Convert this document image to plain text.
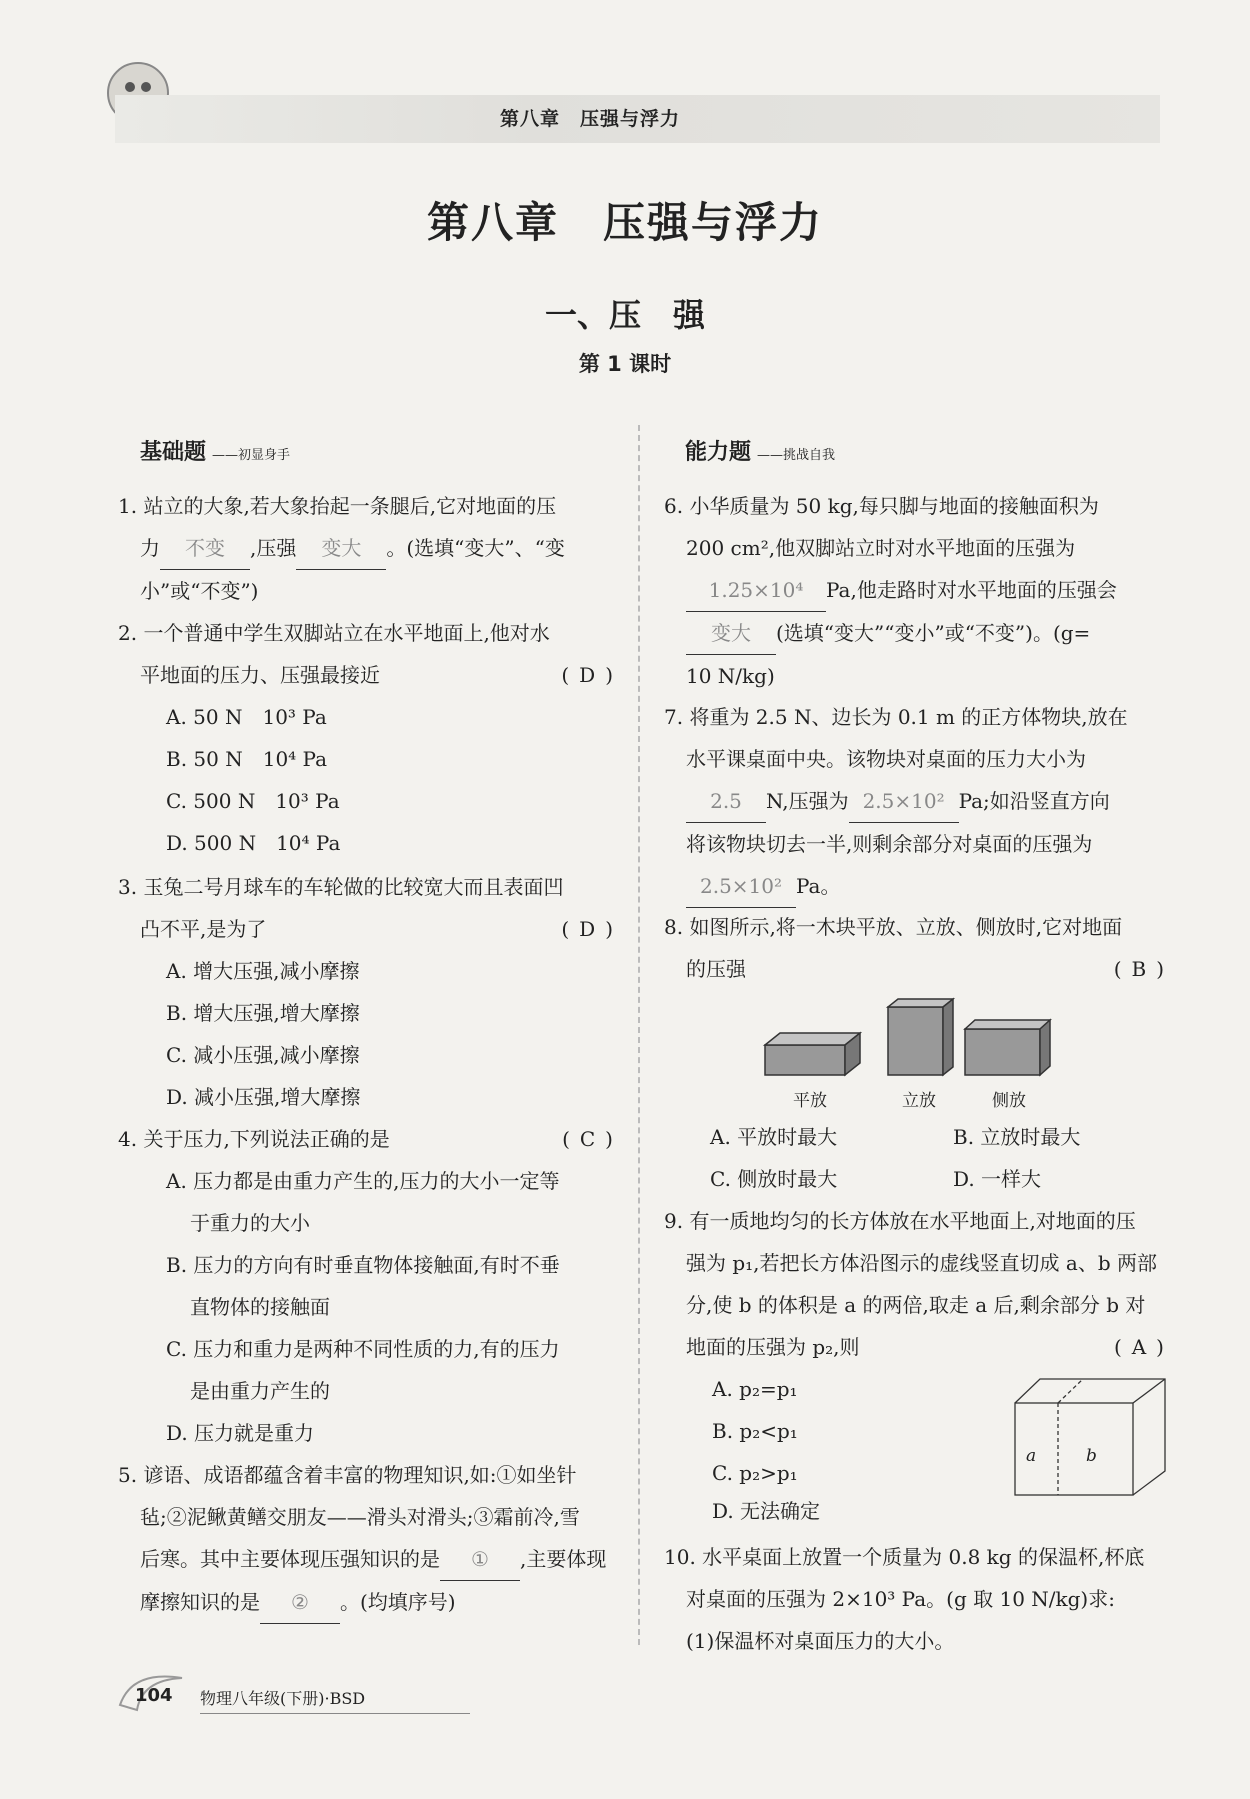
第八章　压强与浮力
第八章　压强与浮力
一、压　强
第 1 课时
基础题 ——初显身手	能力题 ——挑战自我
1. 站立的大象,若大象抬起一条腿后,它对地面的压
力 不变 ,压强 变大 。(选填“变大”、“变
小”或“不变”)
2. 一个普通中学生双脚站立在水平地面上,他对水
平地面的压力、压强最接近	(D)
A. 50 N　10³ Pa
B. 50 N　10⁴ Pa
C. 500 N　10³ Pa
D. 500 N　10⁴ Pa
3. 玉兔二号月球车的车轮做的比较宽大而且表面凹
凸不平,是为了	(D)
A. 增大压强,减小摩擦
B. 增大压强,增大摩擦
C. 减小压强,减小摩擦
D. 减小压强,增大摩擦
4. 关于压力,下列说法正确的是	(C)
A. 压力都是由重力产生的,压力的大小一定等
于重力的大小
B. 压力的方向有时垂直物体接触面,有时不垂
直物体的接触面
C. 压力和重力是两种不同性质的力,有的压力
是由重力产生的
D. 压力就是重力
5. 谚语、成语都蕴含着丰富的物理知识,如:①如坐针
毡;②泥鳅黄鳝交朋友——滑头对滑头;③霜前冷,雪
后寒。其中主要体现压强知识的是 ① ,主要体现
摩擦知识的是 ② 。(均填序号)
6. 小华质量为 50 kg,每只脚与地面的接触面积为
200 cm²,他双脚站立时对水平地面的压强为
1.25×10⁴ Pa,他走路时对水平地面的压强会
变大 (选填“变大”“变小”或“不变”)。(g=
10 N/kg)
7. 将重为 2.5 N、边长为 0.1 m 的正方体物块,放在
水平课桌面中央。该物块对桌面的压力大小为
2.5 N,压强为 2.5×10² Pa;如沿竖直方向
将该物块切去一半,则剩余部分对桌面的压强为
2.5×10² Pa。
8. 如图所示,将一木块平放、立放、侧放时,它对地面
的压强	(B)
平放	立放	侧放
A. 平放时最大	B. 立放时最大
C. 侧放时最大	D. 一样大
9. 有一质地均匀的长方体放在水平地面上,对地面的压
强为 p₁,若把长方体沿图示的虚线竖直切成 a、b 两部
分,使 b 的体积是 a 的两倍,取走 a 后,剩余部分 b 对
地面的压强为 p₂,则	(A)
A. p₂=p₁
B. p₂<p₁
C. p₂>p₁
D. 无法确定
a	b
10. 水平桌面上放置一个质量为 0.8 kg 的保温杯,杯底
对桌面的压强为 2×10³ Pa。(g 取 10 N/kg)求:
(1)保温杯对桌面压力的大小。
104 物理八年级(下册)·BSD
